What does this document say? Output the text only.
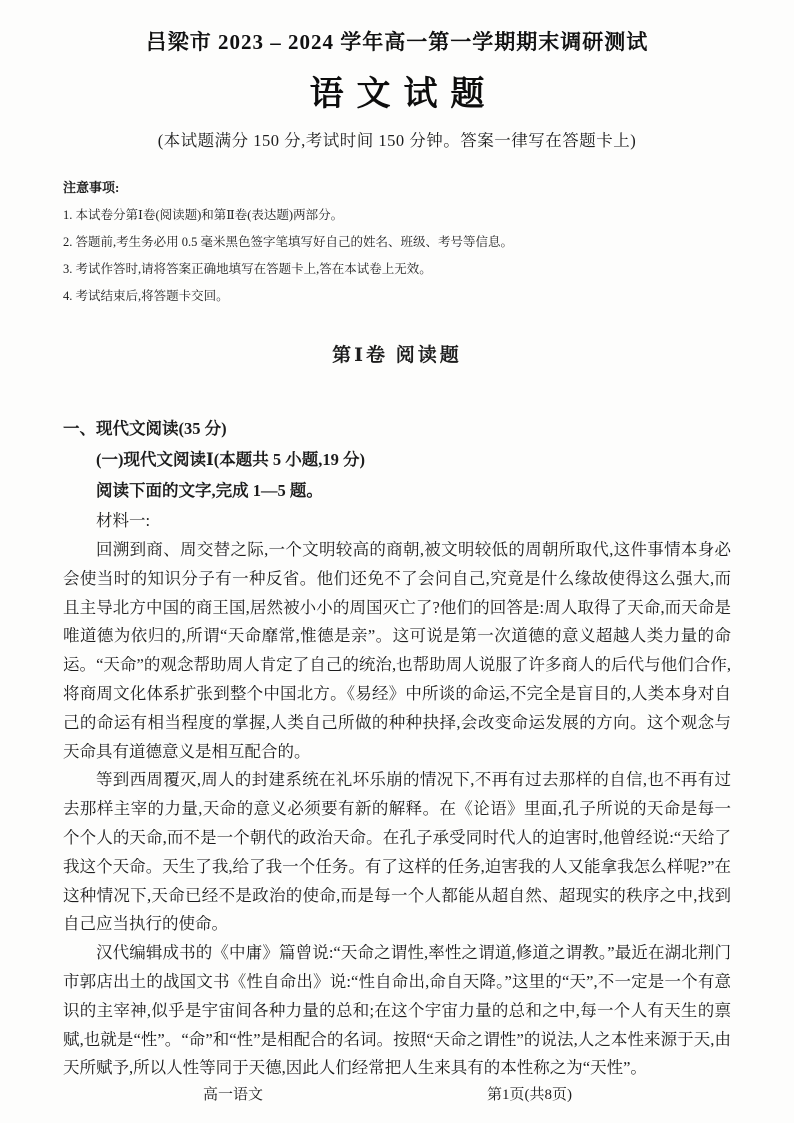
吕梁市 2023 – 2024 学年高一第一学期期末调研测试
语文试题
(本试题满分 150 分,考试时间 150 分钟。答案一律写在答题卡上)
注意事项:
1. 本试卷分第Ⅰ卷(阅读题)和第Ⅱ卷(表达题)两部分。
2. 答题前,考生务必用 0.5 毫米黑色签字笔填写好自己的姓名、班级、考号等信息。
3. 考试作答时,请将答案正确地填写在答题卡上,答在本试卷上无效。
4. 考试结束后,将答题卡交回。
第Ⅰ卷 阅读题
一、现代文阅读(35 分)
(一)现代文阅读Ⅰ(本题共 5 小题,19 分)
阅读下面的文字,完成 1—5 题。
材料一:

回溯到商、周交替之际,一个文明较高的商朝,被文明较低的周朝所取代,这件事情本身必会使当时的知识分子有一种反省。他们还免不了会问自己,究竟是什么缘故使得这么强大,而且主导北方中国的商王国,居然被小小的周国灭亡了?他们的回答是:周人取得了天命,而天命是唯道德为依归的,所谓“天命靡常,惟德是亲”。这可说是第一次道德的意义超越人类力量的命运。“天命”的观念帮助周人肯定了自己的统治,也帮助周人说服了许多商人的后代与他们合作,将商周文化体系扩张到整个中国北方。《易经》中所谈的命运,不完全是盲目的,人类本身对自己的命运有相当程度的掌握,人类自己所做的种种抉择,会改变命运发展的方向。这个观念与天命具有道德意义是相互配合的。

等到西周覆灭,周人的封建系统在礼坏乐崩的情况下,不再有过去那样的自信,也不再有过去那样主宰的力量,天命的意义必须要有新的解释。在《论语》里面,孔子所说的天命是每一个个人的天命,而不是一个朝代的政治天命。在孔子承受同时代人的迫害时,他曾经说:“天给了我这个天命。天生了我,给了我一个任务。有了这样的任务,迫害我的人又能拿我怎么样呢?”在这种情况下,天命已经不是政治的使命,而是每一个人都能从超自然、超现实的秩序之中,找到自己应当执行的使命。

汉代编辑成书的《中庸》篇曾说:“天命之谓性,率性之谓道,修道之谓教。”最近在湖北荆门市郭店出土的战国文书《性自命出》说:“性自命出,命自天降。”这里的“天”,不一定是一个有意识的主宰神,似乎是宇宙间各种力量的总和;在这个宇宙力量的总和之中,每一个人有天生的禀赋,也就是“性”。“命”和“性”是相配合的名词。按照“天命之谓性”的说法,人之本性来源于天,由天所赋予,所以人性等同于天德,因此人们经常把人生来具有的本性称之为“天性”。

高一语文	第1页(共8页)
